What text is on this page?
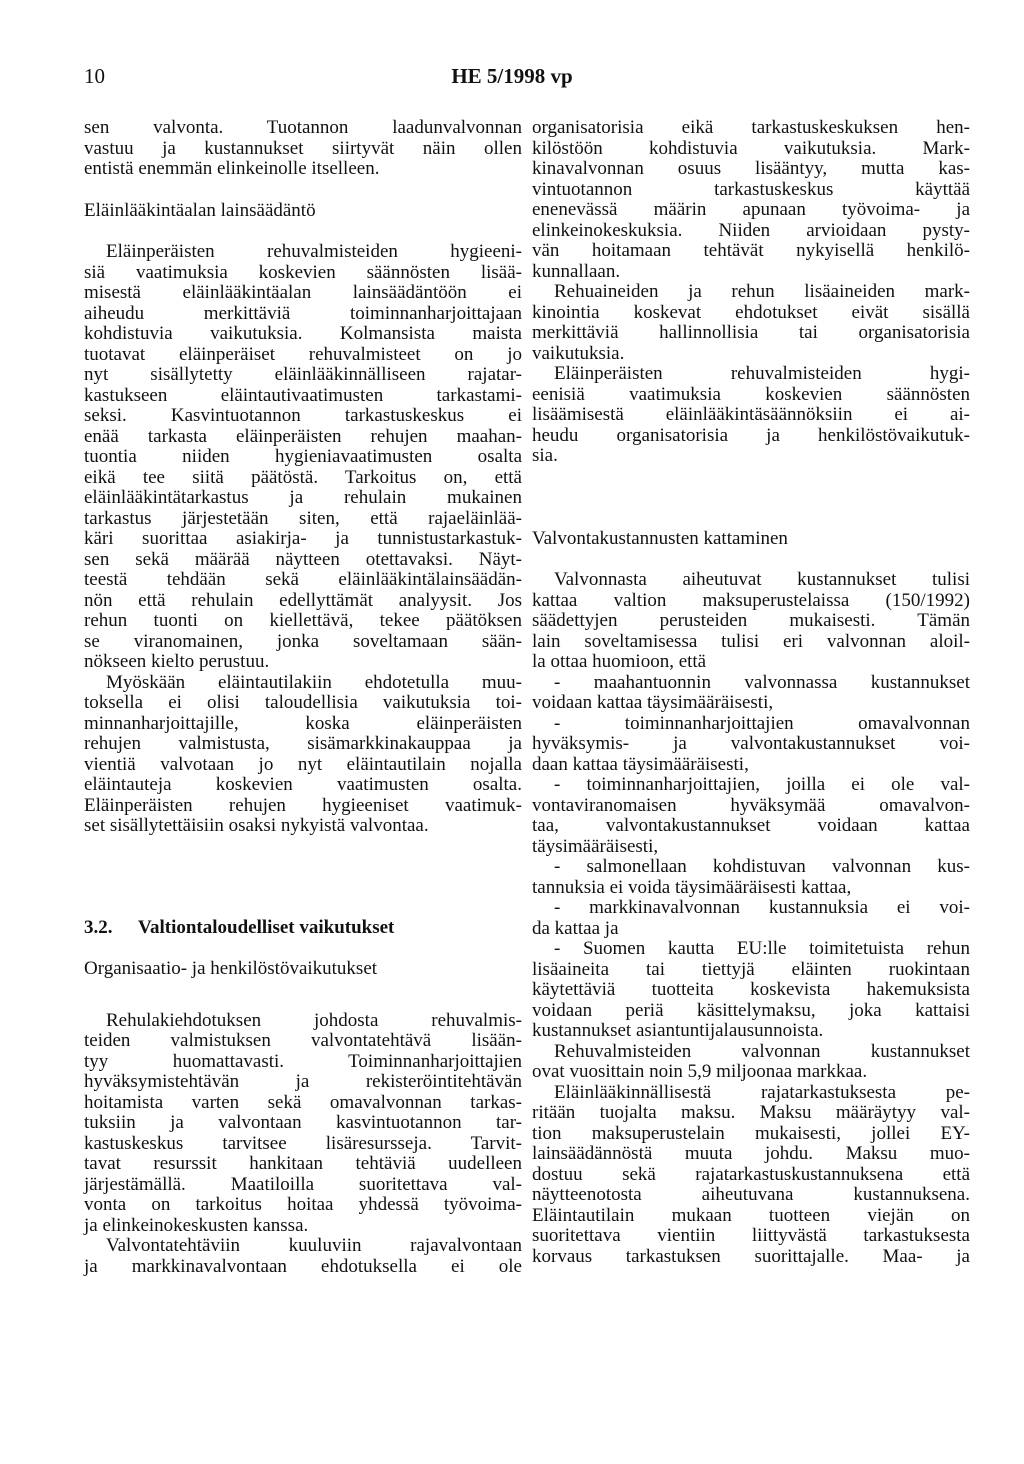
10	HE 5/1998 vp
sen valvonta. Tuotannon laadunvalvonnan
vastuu ja kustannukset siirtyvät näin ollen
entistä enemmän elinkeinolle itselleen.
Eläinlääkintäalan lainsäädäntö
Eläinperäisten rehuvalmisteiden hygieeni-
siä vaatimuksia koskevien säännösten lisää-
misestä eläinlääkintäalan lainsäädäntöön ei
aiheudu merkittäviä toiminnanharjoittajaan
kohdistuvia vaikutuksia. Kolmansista maista
tuotavat eläinperäiset rehuvalmisteet on jo
nyt sisällytetty eläinlääkinnälliseen rajatar-
kastukseen eläintautivaatimusten tarkastami-
seksi. Kasvintuotannon tarkastuskeskus ei
enää tarkasta eläinperäisten rehujen maahan-
tuontia niiden hygieniavaatimusten osalta
eikä tee siitä päätöstä. Tarkoitus on, että
eläinlääkintätarkastus ja rehulain mukainen
tarkastus järjestetään siten, että rajaeläinlää-
käri suorittaa asiakirja- ja tunnistustarkastuk-
sen sekä määrää näytteen otettavaksi. Näyt-
teestä tehdään sekä eläinlääkintälainsäädän-
nön että rehulain edellyttämät analyysit. Jos
rehun tuonti on kiellettävä, tekee päätöksen
se viranomainen, jonka soveltamaan sään-
nökseen kielto perustuu.
Myöskään eläintautilakiin ehdotetulla muu-
toksella ei olisi taloudellisia vaikutuksia toi-
minnanharjoittajille, koska eläinperäisten
rehujen valmistusta, sisämarkkinakauppaa ja
vientiä valvotaan jo nyt eläintautilain nojalla
eläintauteja koskevien vaatimusten osalta.
Eläinperäisten rehujen hygieeniset vaatimuk-
set sisällytettäisiin osaksi nykyistä valvontaa.
3.2. Valtiontaloudelliset vaikutukset
Organisaatio- ja henkilöstövaikutukset
Rehulakiehdotuksen johdosta rehuvalmis-
teiden valmistuksen valvontatehtävä lisään-
tyy huomattavasti. Toiminnanharjoittajien
hyväksymistehtävän ja rekisteröintitehtävän
hoitamista varten sekä omavalvonnan tarkas-
tuksiin ja valvontaan kasvintuotannon tar-
kastuskeskus tarvitsee lisäresursseja. Tarvit-
tavat resurssit hankitaan tehtäviä uudelleen
järjestämällä. Maatiloilla suoritettava val-
vonta on tarkoitus hoitaa yhdessä työvoima-
ja elinkeinokeskusten kanssa.
Valvontatehtäviin kuuluviin rajavalvontaan
ja markkinavalvontaan ehdotuksella ei ole
organisatorisia eikä tarkastuskeskuksen hen-
kilöstöön kohdistuvia vaikutuksia. Mark-
kinavalvonnan osuus lisääntyy, mutta kas-
vintuotannon tarkastuskeskus käyttää
enenevässä määrin apunaan työvoima- ja
elinkeinokeskuksia. Niiden arvioidaan pysty-
vän hoitamaan tehtävät nykyisellä henkilö-
kunnallaan.
Rehuaineiden ja rehun lisäaineiden mark-
kinointia koskevat ehdotukset eivät sisällä
merkittäviä hallinnollisia tai organisatorisia
vaikutuksia.
Eläinperäisten rehuvalmisteiden hygi-
eenisiä vaatimuksia koskevien säännösten
lisäämisestä eläinlääkintäsäännöksiin ei ai-
heudu organisatorisia ja henkilöstövaikutuk-
sia.
Valvontakustannusten kattaminen
Valvonnasta aiheutuvat kustannukset tulisi
kattaa valtion maksuperustelaissa (150/1992)
säädettyjen perusteiden mukaisesti. Tämän
lain soveltamisessa tulisi eri valvonnan aloil-
la ottaa huomioon, että
- maahantuonnin valvonnassa kustannukset
voidaan kattaa täysimääräisesti,
- toiminnanharjoittajien omavalvonnan
hyväksymis- ja valvontakustannukset voi-
daan kattaa täysimääräisesti,
- toiminnanharjoittajien, joilla ei ole val-
vontaviranomaisen hyväksymää omavalvon-
taa, valvontakustannukset voidaan kattaa
täysimääräisesti,
- salmonellaan kohdistuvan valvonnan kus-
tannuksia ei voida täysimääräisesti kattaa,
- markkinavalvonnan kustannuksia ei voi-
da kattaa ja
- Suomen kautta EU:lle toimitetuista rehun
lisäaineita tai tiettyjä eläinten ruokintaan
käytettäviä tuotteita koskevista hakemuksista
voidaan periä käsittelymaksu, joka kattaisi
kustannukset asiantuntijalausunnoista.
Rehuvalmisteiden valvonnan kustannukset
ovat vuosittain noin 5,9 miljoonaa markkaa.
Eläinlääkinnällisestä rajatarkastuksesta pe-
ritään tuojalta maksu. Maksu määräytyy val-
tion maksuperustelain mukaisesti, jollei EY-
lainsäädännöstä muuta johdu. Maksu muo-
dostuu sekä rajatarkastuskustannuksena että
näytteenotosta aiheutuvana kustannuksena.
Eläintautilain mukaan tuotteen viejän on
suoritettava vientiin liittyvästä tarkastuksesta
korvaus tarkastuksen suorittajalle. Maa- ja
